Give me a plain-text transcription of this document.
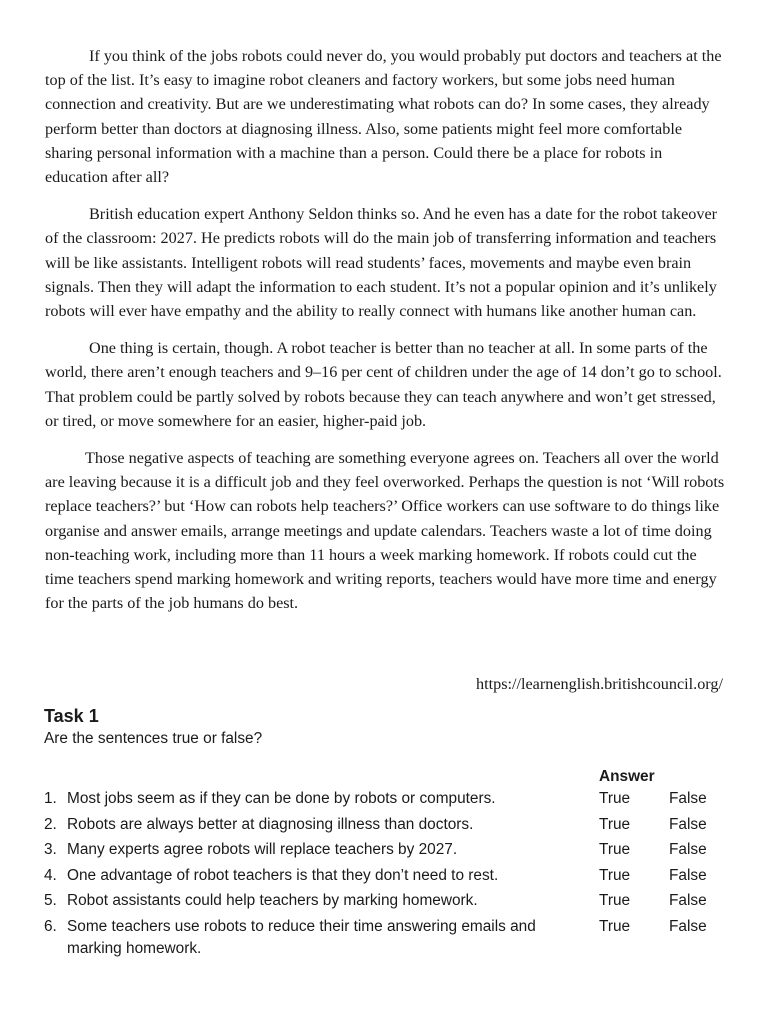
If you think of the jobs robots could never do, you would probably put doctors and teachers at the top of the list. It’s easy to imagine robot cleaners and factory workers, but some jobs need human connection and creativity. But are we underestimating what robots can do? In some cases, they already perform better than doctors at diagnosing illness. Also, some patients might feel more comfortable sharing personal information with a machine than a person. Could there be a place for robots in education after all?

British education expert Anthony Seldon thinks so. And he even has a date for the robot takeover of the classroom: 2027. He predicts robots will do the main job of transferring information and teachers will be like assistants. Intelligent robots will read students’ faces, movements and maybe even brain signals. Then they will adapt the information to each student. It’s not a popular opinion and it’s unlikely robots will ever have empathy and the ability to really connect with humans like another human can.

One thing is certain, though. A robot teacher is better than no teacher at all. In some parts of the world, there aren’t enough teachers and 9–16 per cent of children under the age of 14 don’t go to school. That problem could be partly solved by robots because they can teach anywhere and won’t get stressed, or tired, or move somewhere for an easier, higher-paid job.

Those negative aspects of teaching are something everyone agrees on. Teachers all over the world are leaving because it is a difficult job and they feel overworked. Perhaps the question is not ‘Will robots replace teachers?’ but ‘How can robots help teachers?’ Office workers can use software to do things like organise and answer emails, arrange meetings and update calendars. Teachers waste a lot of time doing non-teaching work, including more than 11 hours a week marking homework. If robots could cut the time teachers spend marking homework and writing reports, teachers would have more time and energy for the parts of the job humans do best.

https://learnenglish.britishcouncil.org/
Task 1

Are the sentences true or false?

Answer
1. Most jobs seem as if they can be done by robots or computers.	True	False
2. Robots are always better at diagnosing illness than doctors.	True	False
3. Many experts agree robots will replace teachers by 2027.	True	False
4. One advantage of robot teachers is that they don’t need to rest.	True	False
5. Robot assistants could help teachers by marking homework.	True	False
6. Some teachers use robots to reduce their time answering emails and marking homework.
True	False
